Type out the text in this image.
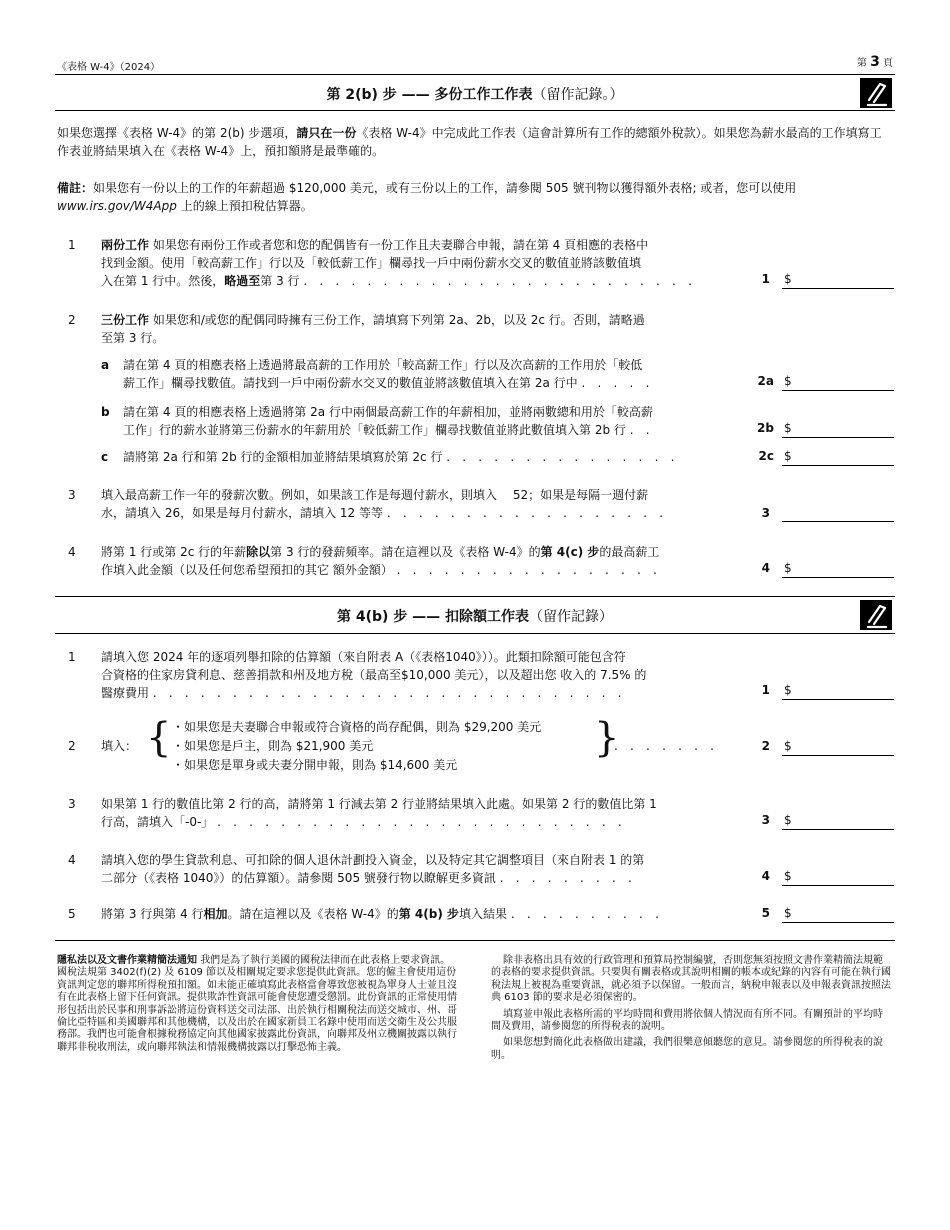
《表格 W-4》（2024）	第 3 頁
第 2(b) 步 —— 多份工作工作表（留作記錄。）
如果您選擇《表格 W-4》的第 2(b) 步選項，請只在一份《表格 W-4》中完成此工作表（這會計算所有工作的總額外稅款）。如果您為薪水最高的工作填寫工作表並將結果填入在《表格 W-4》上，預扣額將是最準確的。
備註：如果您有一份以上的工作的年薪超過 $120,000 美元，或有三份以上的工作，請參閱 505 號刊物以獲得額外表格; 或者，您可以使用 www.irs.gov/W4App 上的線上預扣稅估算器。
1 兩份工作 如果您有兩份工作或者您和您的配偶皆有一份工作且夫妻聯合申報，請在第 4 頁相應的表格中
找到金額。使用「較高薪工作」行以及「較低薪工作」欄尋找一戶中兩份薪水交叉的數值並將該數值填
入在第 1 行中。然後，略過至第 3 行 . . . . . . . . . . . . . . . . . . . . . . . . .	1 $
2 三份工作 如果您和/或您的配偶同時擁有三份工作，請填寫下列第 2a、2b，以及 2c 行。否則，請略過
至第 3 行。
a 請在第 4 頁的相應表格上透過將最高薪的工作用於「較高薪工作」行以及次高薪的工作用於「較低
薪工作」欄尋找數值。請找到一戶中兩份薪水交叉的數值並將該數值填入在第 2a 行中 . . . . .	2a $
b 請在第 4 頁的相應表格上透過將第 2a 行中兩個最高薪工作的年薪相加，並將兩數總和用於「較高薪
工作」行的薪水並將第三份薪水的年薪用於「較低薪工作」欄尋找數值並將此數值填入第 2b 行 . .	2b $
c 請將第 2a 行和第 2b 行的金額相加並將結果填寫於第 2c 行 . . . . . . . . . . . . . . .	2c $
3 填入最高薪工作一年的發薪次數。例如，如果該工作是每週付薪水，則填入　 52；如果是每隔一週付薪
水，請填入 26，如果是每月付薪水，請填入 12 等等 . . . . . . . . . . . . . . . . . .	3
4 將第 1 行或第 2c 行的年薪除以第 3 行的發薪頻率。請在這裡以及《表格 W-4》的第 4(c) 步的最高薪工
作填入此金額（以及任何您希望預扣的其它 額外金額） . . . . . . . . . . . . . . . . .	4 $
第 4(b) 步 —— 扣除額工作表（留作記錄）
1 請填入您 2024 年的逐項列舉扣除的估算額（來自附表 A（《表格1040》））。此類扣除額可能包含符
合資格的住家房貸利息、慈善捐款和州及地方稅（最高至$10,000 美元），以及超出您 收入的 7.5% 的
醫療費用 . . . . . . . . . . . . . . . . . . . . . . . . . . . . . .	1 $
2 填入： { ・如果您是夫妻聯合申報或符合資格的尚存配偶，則為 $29,200 美元
・如果您是戶主，則為 $21,900 美元
・如果您是單身或夫妻分開申報，則為 $14,600 美元
}
. . . . . . .	2 $
3 如果第 1 行的數值比第 2 行的高，請將第 1 行減去第 2 行並將結果填入此處。如果第 2 行的數值比第 1
行高，請填入「-0-」 . . . . . . . . . . . . . . . . . . . . . . . . . .	3 $
4 請填入您的學生貸款利息、可扣除的個人退休計劃投入資金，以及特定其它調整項目（來自附表 1 的第
二部分（《表格 1040》）的估算額）。請參閱 505 號發行物以瞭解更多資訊 . . . . . . . . .	4 $
5 將第 3 行與第 4 行相加。請在這裡以及《表格 W-4》的第 4(b) 步填入結果 . . . . . . . . . .	5 $
隱私法以及文書作業精簡法通知 我們是為了執行美國的國稅法律而在此表格上要求資訊。國稅法規第 3402(f)(2) 及 6109 節以及相關規定要求您提供此資訊。您的僱主會使用這份資訊判定您的聯邦所得稅預扣額。如未能正確填寫此表格當會導致您被視為單身人士並且沒有在此表格上留下任何資訊。提供欺詐性資訊可能會使您遭受懲罰。此份資訊的正常使用情形包括出於民事和刑事訴訟將這份資料送交司法部、出於執行相關稅法而送交城市、州、哥倫比亞特區和美國聯邦和其他機構，以及出於在國家新員工名錄中使用而送交衛生及公共服務部。我們也可能會根據稅務協定向其他國家披露此份資訊，向聯邦及州立機關披露以執行聯邦非稅收刑法，或向聯邦執法和情報機構披露以打擊恐怖主義。

除非表格出具有效的行政管理和預算局控制編號，否則您無須按照文書作業精簡法規範的表格的要求提供資訊。只要與有關表格或其說明相關的帳本或紀錄的內容有可能在執行國稅法規上被視為重要資訊，就必須予以保留。一般而言，納稅申報表以及申報表資訊按照法典 6103 節的要求是必須保密的。

填寫並申報此表格所需的平均時間和費用將依個人情況而有所不同。有關預計的平均時間及費用，請參閱您的所得稅表的說明。

如果您想對簡化此表格做出建議，我們很樂意傾聽您的意見。請參閱您的所得稅表的說明。
